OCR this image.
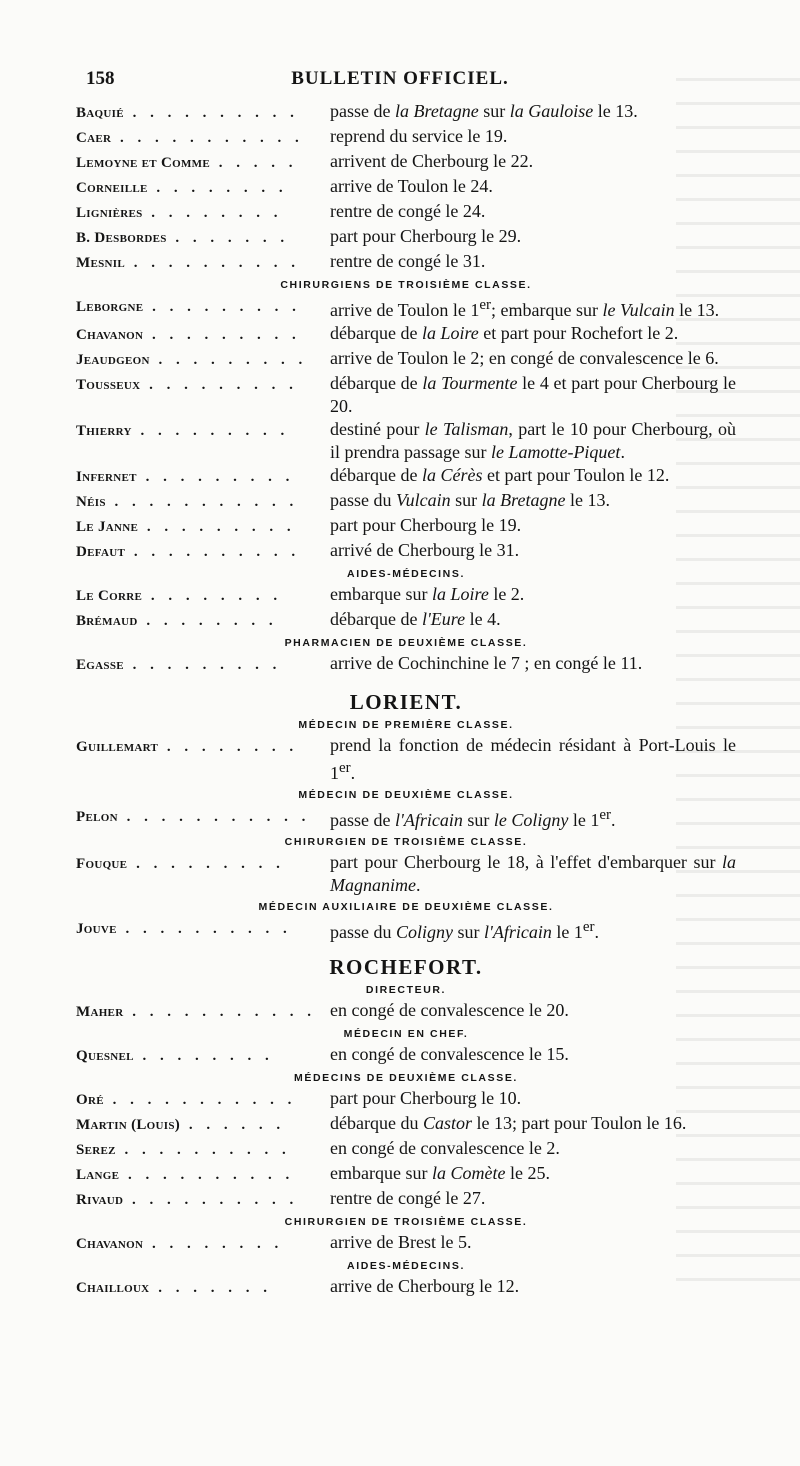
158	BULLETIN OFFICIEL.
Baquié . . . . . . . . . .	passe de la Bretagne sur la Gauloise le 13.
Caer . . . . . . . . . . .	reprend du service le 19.
Lemoyne et Comme . . . . .	arrivent de Cherbourg le 22.
Corneille . . . . . . . .	arrive de Toulon le 24.
Lignières . . . . . . . .	rentre de congé le 24.
B. Desbordes . . . . . . .	part pour Cherbourg le 29.
Mesnil . . . . . . . . . .	rentre de congé le 31.
CHIRURGIENS DE TROISIÈME CLASSE.
Leborgne . . . . . . . . .	arrive de Toulon le 1er; embarque sur le Vulcain le 13.
Chavanon . . . . . . . . .	débarque de la Loire et part pour Rochefort le 2.
Jeaudgeon . . . . . . . . .	arrive de Toulon le 2; en congé de convalescence le 6.
Tousseux . . . . . . . . .	débarque de la Tourmente le 4 et part pour Cherbourg le 20.
Thierry . . . . . . . . .	destiné pour le Talisman, part le 10 pour Cherbourg, où il prendra passage sur le Lamotte-Piquet.
Infernet . . . . . . . . .	débarque de la Cérès et part pour Toulon le 12.
Néis . . . . . . . . . . .	passe du Vulcain sur la Bretagne le 13.
Le Janne . . . . . . . . .	part pour Cherbourg le 19.
Defaut . . . . . . . . . .	arrivé de Cherbourg le 31.
AIDES-MÉDECINS.
Le Corre . . . . . . . .	embarque sur la Loire le 2.
Brémaud . . . . . . . .	débarque de l'Eure le 4.
PHARMACIEN DE DEUXIÈME CLASSE.
Egasse . . . . . . . . .	arrive de Cochinchine le 7 ; en congé le 11.
LORIENT.
MÉDECIN DE PREMIÈRE CLASSE.
Guillemart . . . . . . . .	prend la fonction de médecin résidant à Port-Louis le 1er.
MÉDECIN DE DEUXIÈME CLASSE.
Pelon . . . . . . . . . . .	passe de l'Africain sur le Coligny le 1er.
CHIRURGIEN DE TROISIÈME CLASSE.
Fouque . . . . . . . . .	part pour Cherbourg le 18, à l'effet d'embarquer sur la Magnanime.
MÉDECIN AUXILIAIRE DE DEUXIÈME CLASSE.
Jouve . . . . . . . . . .	passe du Coligny sur l'Africain le 1er.
ROCHEFORT.
DIRECTEUR.
Maher . . . . . . . . . . . en congé de convalescence le 20.
MÉDECIN EN CHEF.
Quesnel . . . . . . . .	en congé de convalescence le 15.
MÉDECINS DE DEUXIÈME CLASSE.
Oré . . . . . . . . . . .	part pour Cherbourg le 10.
Martin (Louis) . . . . . .	débarque du Castor le 13; part pour Toulon le 16.
Serez . . . . . . . . . .	en congé de convalescence le 2.
Lange . . . . . . . . . .	embarque sur la Comète le 25.
Rivaud . . . . . . . . . .	rentre de congé le 27.
CHIRURGIEN DE TROISIÈME CLASSE.
Chavanon . . . . . . . .	arrive de Brest le 5.
AIDES-MÉDECINS.
Chailloux . . . . . . .	arrive de Cherbourg le 12.
